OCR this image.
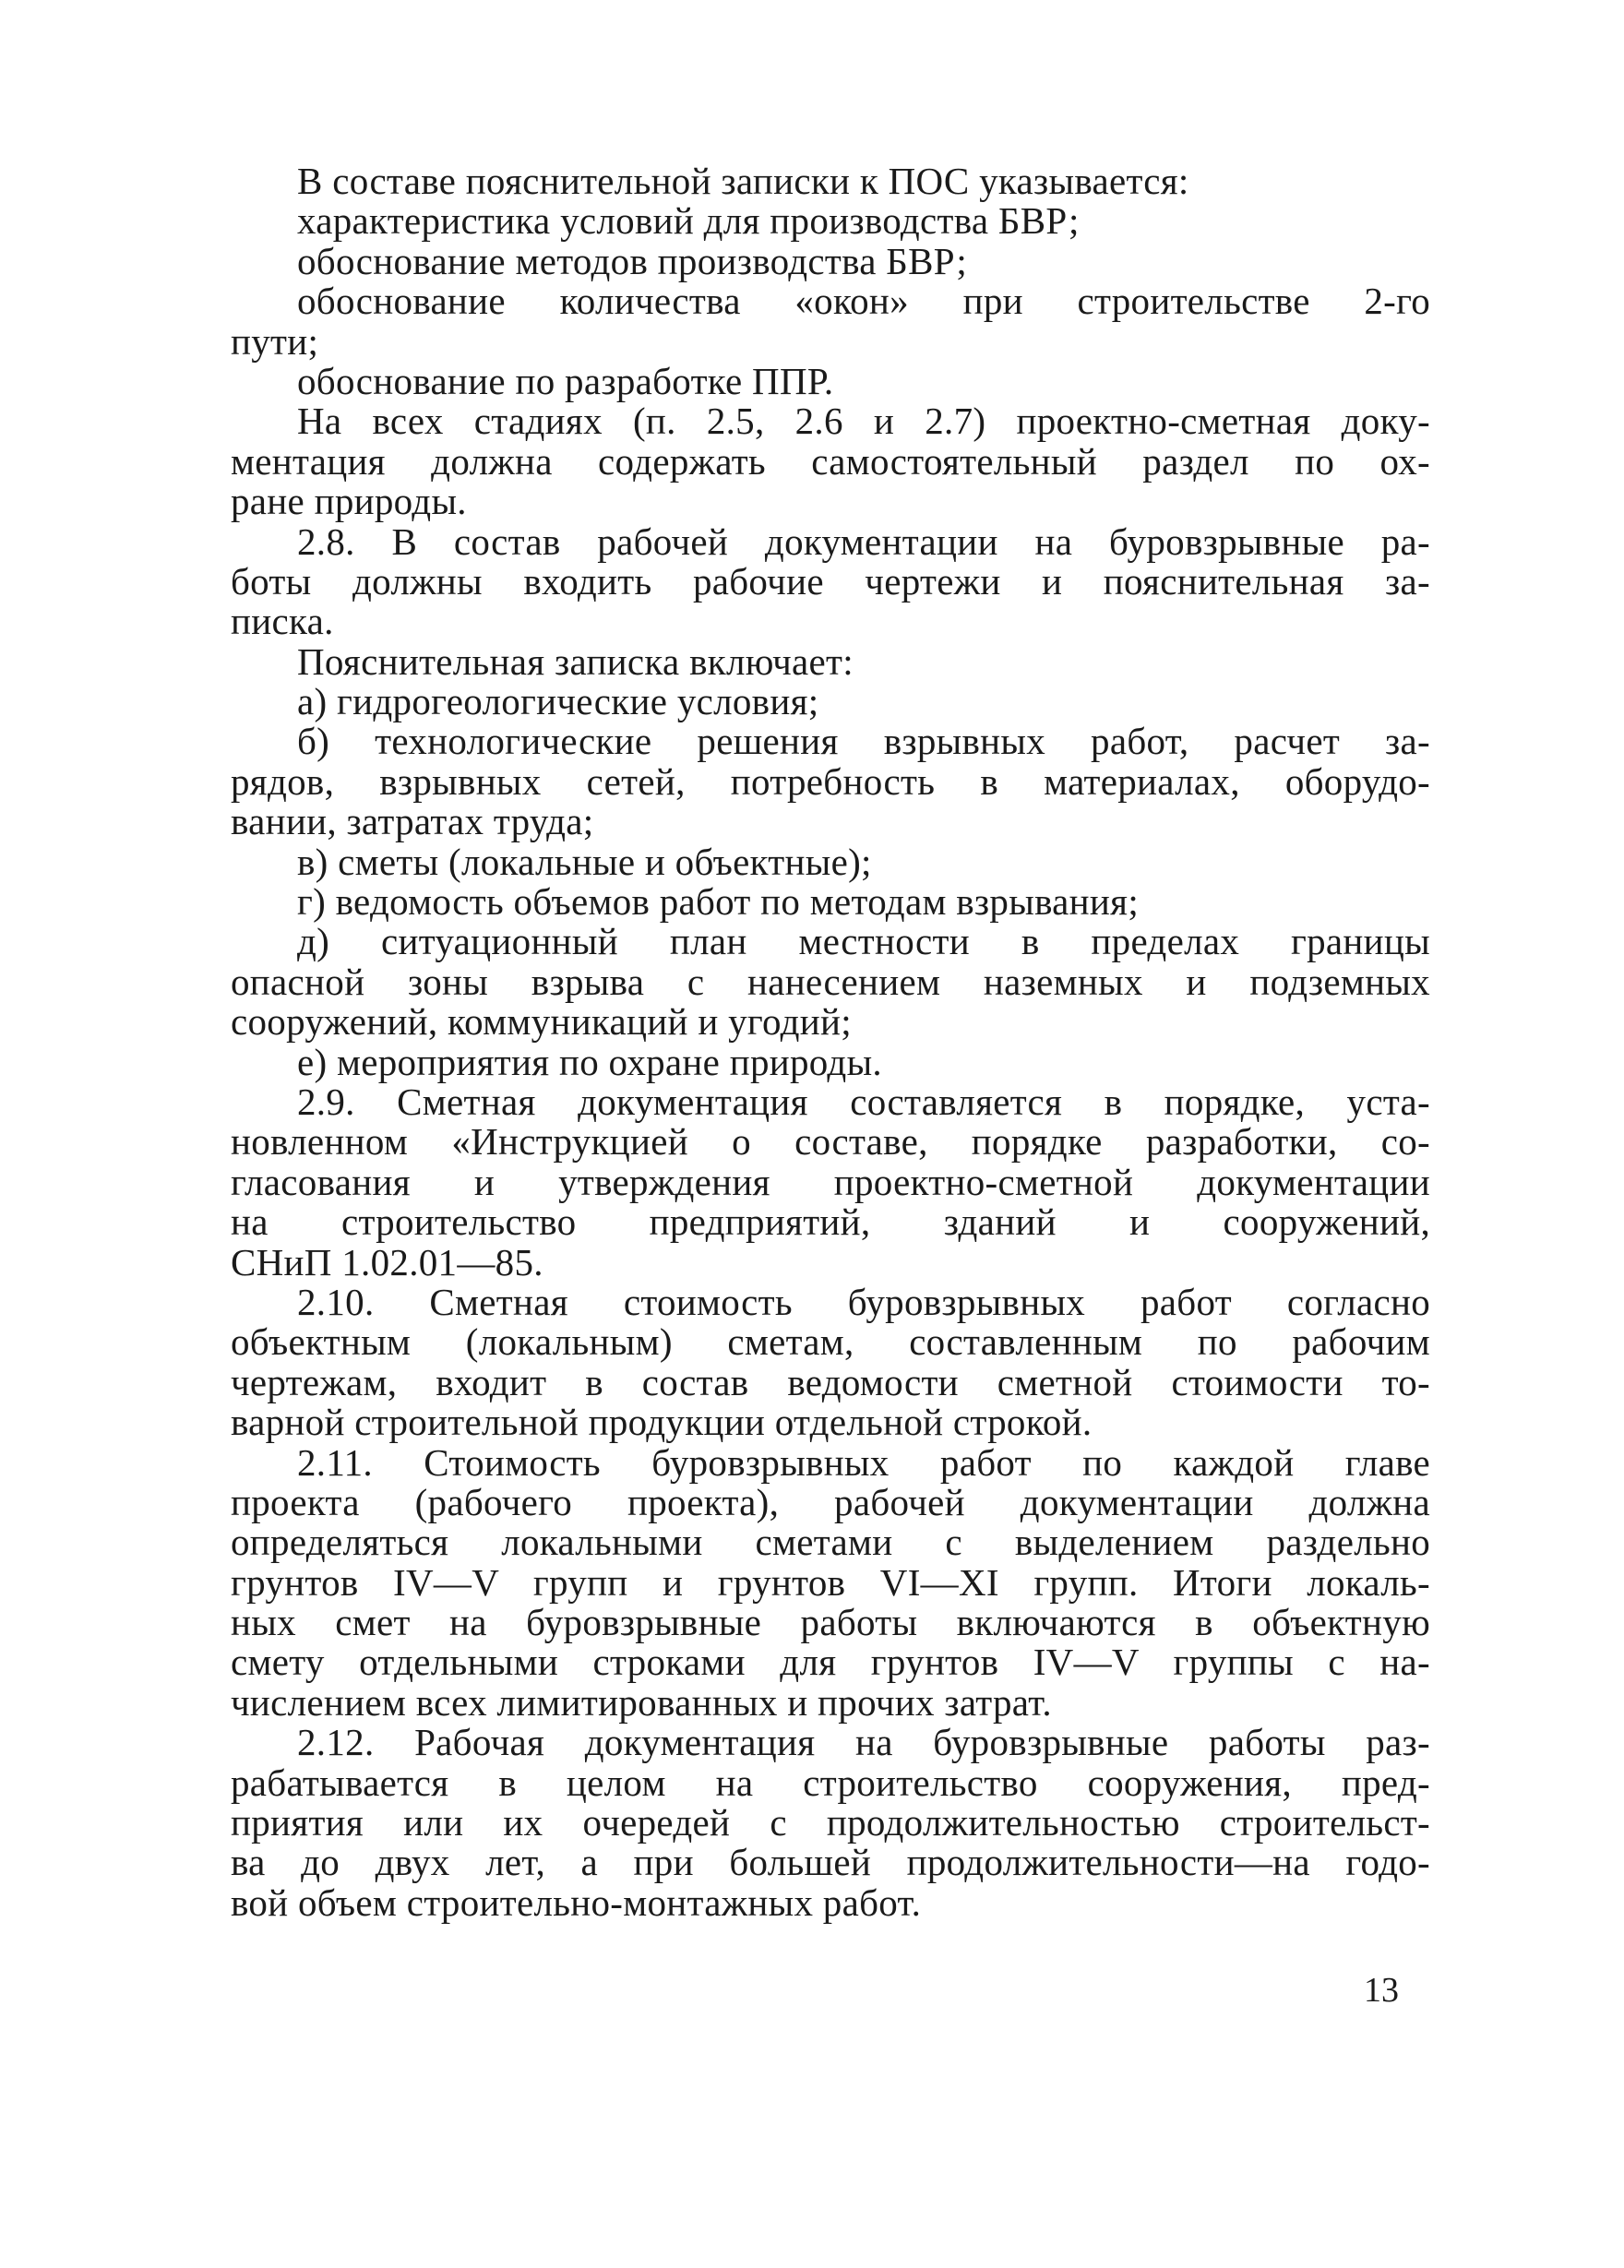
В составе пояснительной записки к ПОС указывается:
характеристика условий для производства БВР;
обоснование методов производства БВР;
обоснование количества «окон» при строительстве 2-го
пути;
обоснование по разработке ППР.
На всех стадиях (п. 2.5, 2.6 и 2.7) проектно-сметная доку-
ментация должна содержать самостоятельный раздел по ох-
ране природы.
2.8. В состав рабочей документации на буровзрывные ра-
боты должны входить рабочие чертежи и пояснительная за-
писка.
Пояснительная записка включает:
а) гидрогеологические условия;
б) технологические решения взрывных работ, расчет за-
рядов, взрывных сетей, потребность в материалах, оборудо-
вании, затратах труда;
в) сметы (локальные и объектные);
г) ведомость объемов работ по методам взрывания;
д) ситуационный план местности в пределах границы
опасной зоны взрыва с нанесением наземных и подземных
сооружений, коммуникаций и угодий;
е) мероприятия по охране природы.
2.9. Сметная документация составляется в порядке, уста-
новленном «Инструкцией о составе, порядке разработки, со-
гласования и утверждения проектно-сметной документации
на строительство предприятий, зданий и сооружений,
СНиП 1.02.01—85.
2.10. Сметная стоимость буровзрывных работ согласно
объектным (локальным) сметам, составленным по рабочим
чертежам, входит в состав ведомости сметной стоимости то-
варной строительной продукции отдельной строкой.
2.11. Стоимость буровзрывных работ по каждой главе
проекта (рабочего проекта), рабочей документации должна
определяться локальными сметами с выделением раздельно
грунтов IV—V групп и грунтов VI—XI групп. Итоги локаль-
ных смет на буровзрывные работы включаются в объектную
смету отдельными строками для грунтов IV—V группы с на-
числением всех лимитированных и прочих затрат.
2.12. Рабочая документация на буровзрывные работы раз-
рабатывается в целом на строительство сооружения, пред-
приятия или их очередей с продолжительностью строительст-
ва до двух лет, а при большей продолжительности—на годо-
вой объем строительно-монтажных работ.
13
